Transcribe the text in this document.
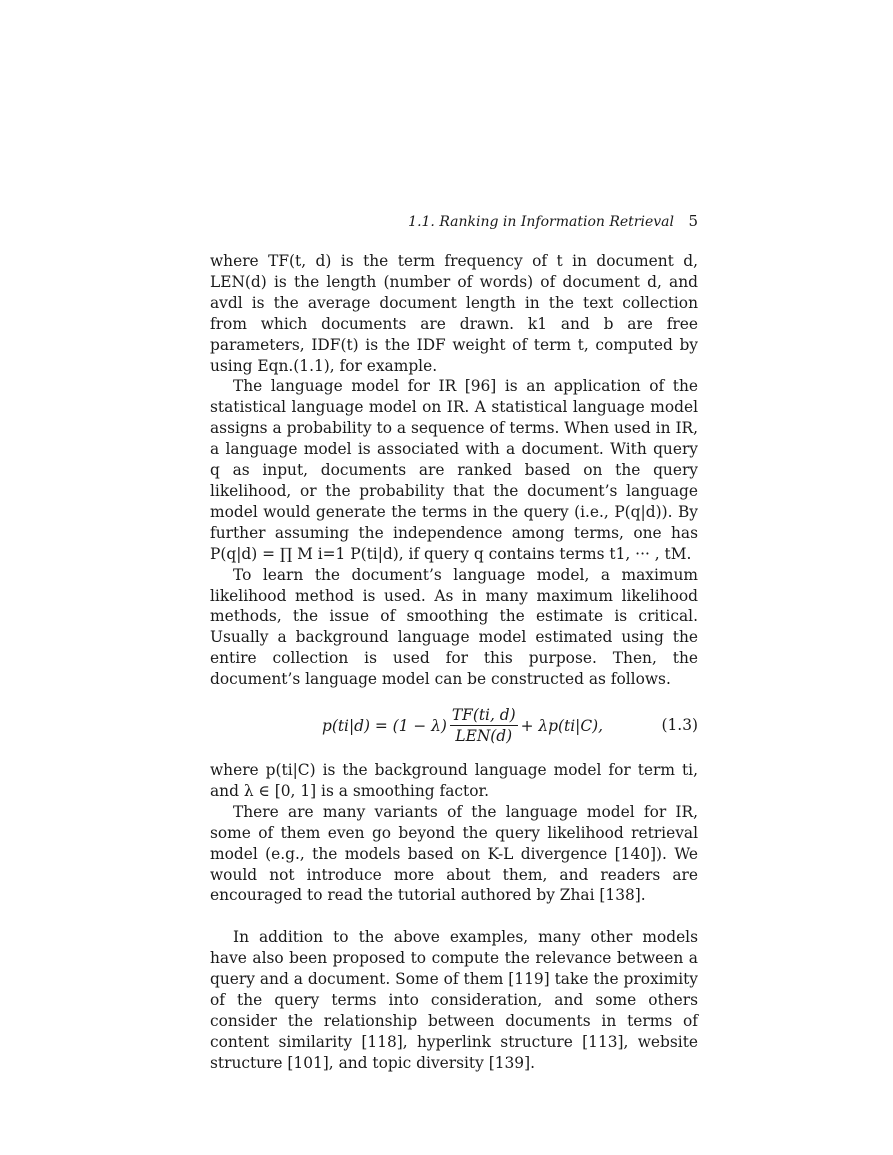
1.1. Ranking in Information Retrieval 5

where TF(t, d) is the term frequency of t in document d, LEN(d) is the length (number of words) of document d, and avdl is the average document length in the text collection from which documents are drawn. k1 and b are free parameters, IDF(t) is the IDF weight of term t, computed by using Eqn.(1.1), for example.

The language model for IR [96] is an application of the statistical language model on IR. A statistical language model assigns a probability to a sequence of terms. When used in IR, a language model is associated with a document. With query q as input, documents are ranked based on the query likelihood, or the probability that the document’s language model would generate the terms in the query (i.e., P(q|d)). By further assuming the independence among terms, one has P(q|d) = ∏ M i=1 P(ti|d), if query q contains terms t1, ··· , tM.

To learn the document’s language model, a maximum likelihood method is used. As in many maximum likelihood methods, the issue of smoothing the estimate is critical. Usually a background language model estimated using the entire collection is used for this purpose. Then, the document’s language model can be constructed as follows.

$p(ti|d) = (1 - \lambda) \frac{TF(ti, d)}{\text{LEN(d)}} + \lambda p(ti|C)$,	(1.3)

where p(ti|C) is the background language model for term ti, and λ ∈ [0, 1] is a smoothing factor.

There are many variants of the language model for IR, some of them even go beyond the query likelihood retrieval model (e.g., the models based on K-L divergence [140]). We would not introduce more about them, and readers are encouraged to read the tutorial authored by Zhai [138].

In addition to the above examples, many other models have also been proposed to compute the relevance between a query and a document. Some of them [119] take the proximity of the query terms into consideration, and some others consider the relationship between documents in terms of content similarity [118], hyperlink structure [113], website structure [101], and topic diversity [139].
